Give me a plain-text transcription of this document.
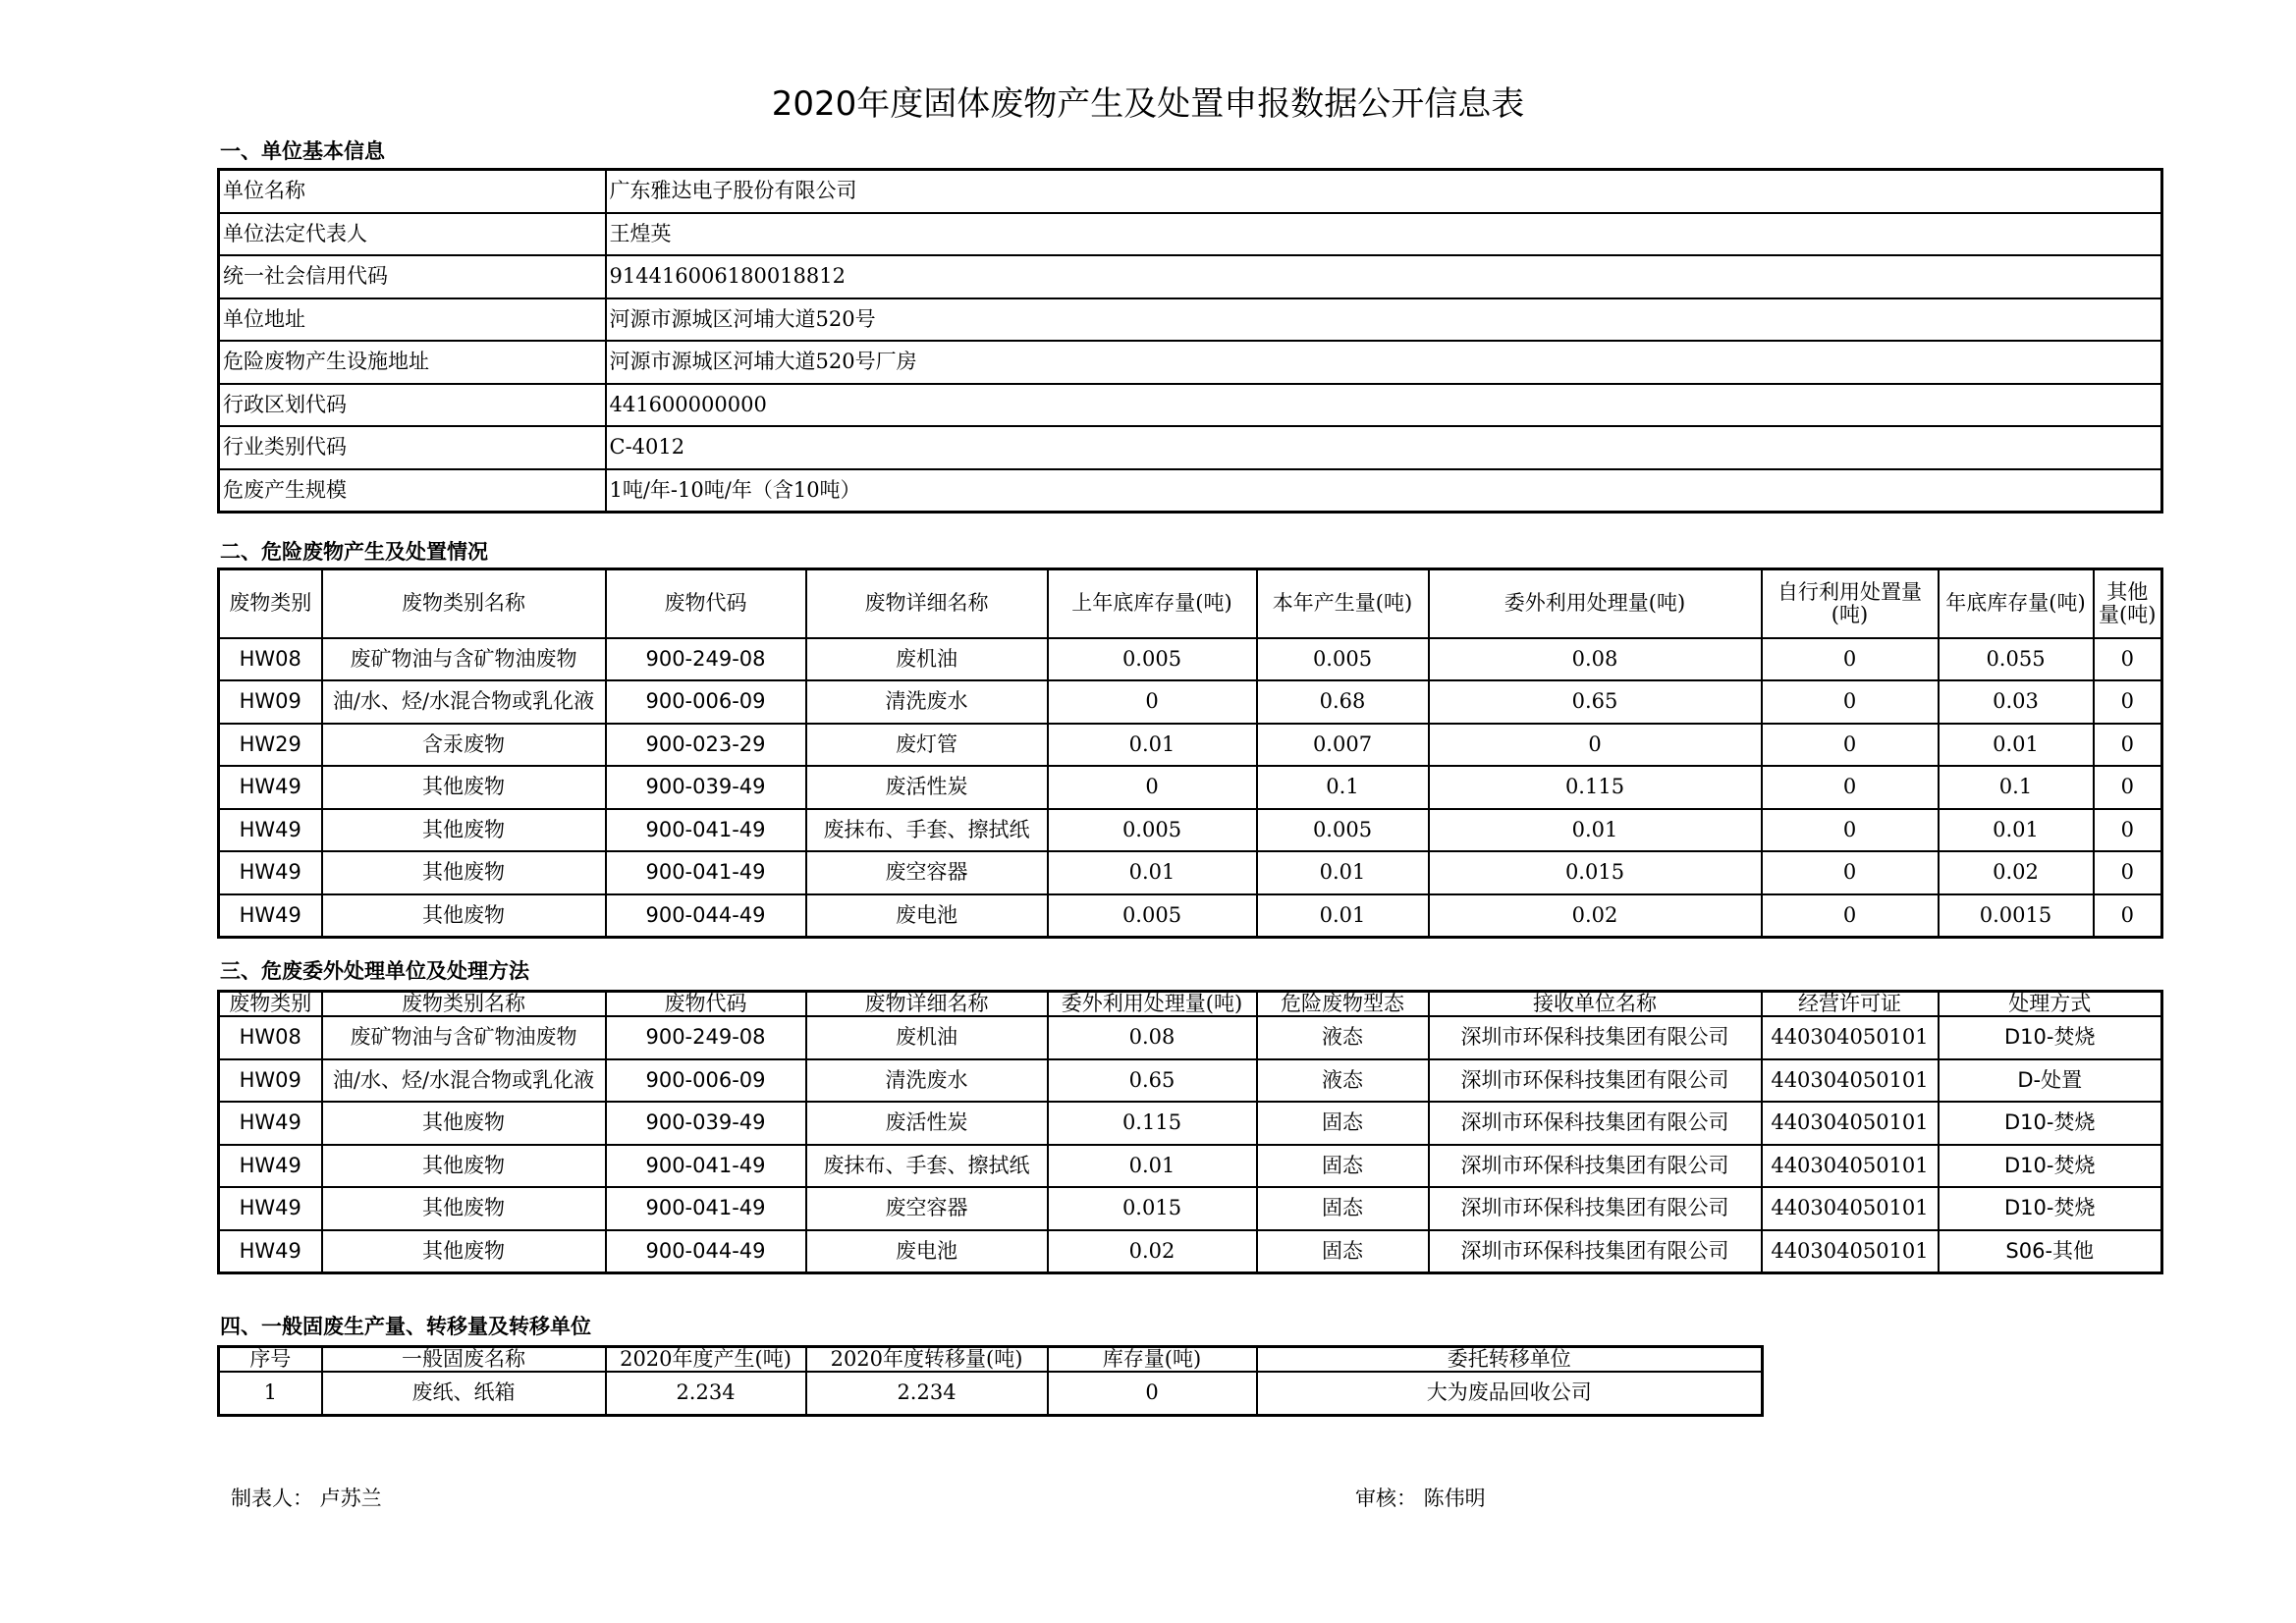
2020年度固体废物产生及处置申报数据公开信息表
一、单位基本信息
单位名称	广东雅达电子股份有限公司
单位法定代表人	王煌英
统一社会信用代码	914416006180018812
单位地址	河源市源城区河埔大道520号
危险废物产生设施地址	河源市源城区河埔大道520号厂房
行政区划代码	441600000000
行业类别代码	C-4012
危废产生规模	1吨/年-10吨/年（含10吨）
二、危险废物产生及处置情况
废物类别	废物类别名称	废物代码	废物详细名称	上年底库存量(吨)	本年产生量(吨)	委外利用处理量(吨)	自行利用处置量(吨)	年底库存量(吨)	其他量(吨)
HW08	废矿物油与含矿物油废物	900-249-08	废机油	0.005	0.005	0.08	0	0.055	0
HW09	油/水、烃/水混合物或乳化液	900-006-09	清洗废水	0	0.68	0.65	0	0.03	0
HW29	含汞废物	900-023-29	废灯管	0.01	0.007	0	0	0.01	0
HW49	其他废物	900-039-49	废活性炭	0	0.1	0.115	0	0.1	0
HW49	其他废物	900-041-49	废抹布、手套、擦拭纸	0.005	0.005	0.01	0	0.01	0
HW49	其他废物	900-041-49	废空容器	0.01	0.01	0.015	0	0.02	0
HW49	其他废物	900-044-49	废电池	0.005	0.01	0.02	0	0.0015	0
三、危废委外处理单位及处理方法
废物类别	废物类别名称	废物代码	废物详细名称	委外利用处理量(吨)	危险废物型态	接收单位名称	经营许可证	处理方式
HW08	废矿物油与含矿物油废物	900-249-08	废机油	0.08	液态	深圳市环保科技集团有限公司	440304050101	D10-焚烧
HW09	油/水、烃/水混合物或乳化液	900-006-09	清洗废水	0.65	液态	深圳市环保科技集团有限公司	440304050101	D-处置
HW49	其他废物	900-039-49	废活性炭	0.115	固态	深圳市环保科技集团有限公司	440304050101	D10-焚烧
HW49	其他废物	900-041-49	废抹布、手套、擦拭纸	0.01	固态	深圳市环保科技集团有限公司	440304050101	D10-焚烧
HW49	其他废物	900-041-49	废空容器	0.015	固态	深圳市环保科技集团有限公司	440304050101	D10-焚烧
HW49	其他废物	900-044-49	废电池	0.02	固态	深圳市环保科技集团有限公司	440304050101	S06-其他
四、一般固废生产量、转移量及转移单位
序号	一般固废名称	2020年度产生(吨)	2020年度转移量(吨)	库存量(吨)	委托转移单位
1	废纸、纸箱	2.234	2.234	0	大为废品回收公司
制表人： 卢苏兰	审核： 陈伟明
